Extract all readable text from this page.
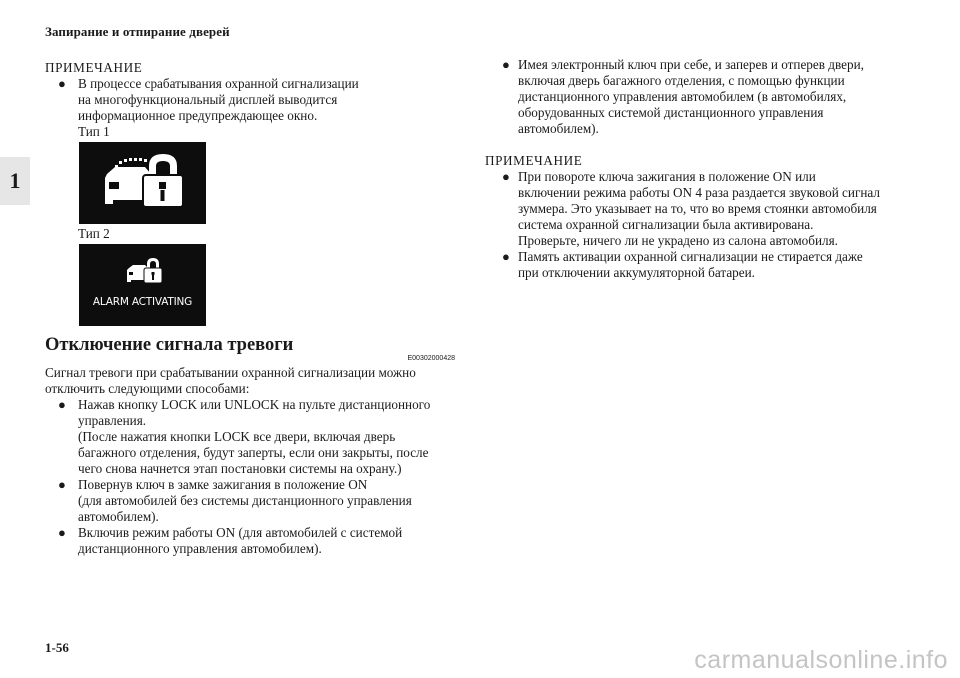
Запирание и отпирание дверей
1
ПРИМЕЧАНИЕ
● В процессе срабатывания охранной сигнализации
на многофункциональный дисплей выводится
информационное предупреждающее окно.
Тип 1
Тип 2
ALARM ACTIVATING
Отключение сигнала тревоги
E00302000428
Сигнал тревоги при срабатывании охранной сигнализации можно
отключить следующими способами:
● Нажав кнопку LOCK или UNLOCK на пульте дистанционного
управления.
(После нажатия кнопки LOCK все двери, включая дверь
багажного отделения, будут заперты, если они закрыты, после
чего снова начнется этап постановки системы на охрану.)
● Повернув ключ в замке зажигания в положение ON
(для автомобилей без системы дистанционного управления
автомобилем).
● Включив режим работы ON (для автомобилей с системой
дистанционного управления автомобилем).
● Имея электронный ключ при себе, и заперев и отперев двери,
включая дверь багажного отделения, с помощью функции
дистанционного управления автомобилем (в автомобилях,
оборудованных системой дистанционного управления
автомобилем).
ПРИМЕЧАНИЕ
● При повороте ключа зажигания в положение ON или
включении режима работы ON 4 раза раздается звуковой сигнал
зуммера. Это указывает на то, что во время стоянки автомобиля
система охранной сигнализации была активирована.
Проверьте, ничего ли не украдено из салона автомобиля.
● Память активации охранной сигнализации не стирается даже
при отключении аккумуляторной батареи.
1-56	carmanualsonline.info
